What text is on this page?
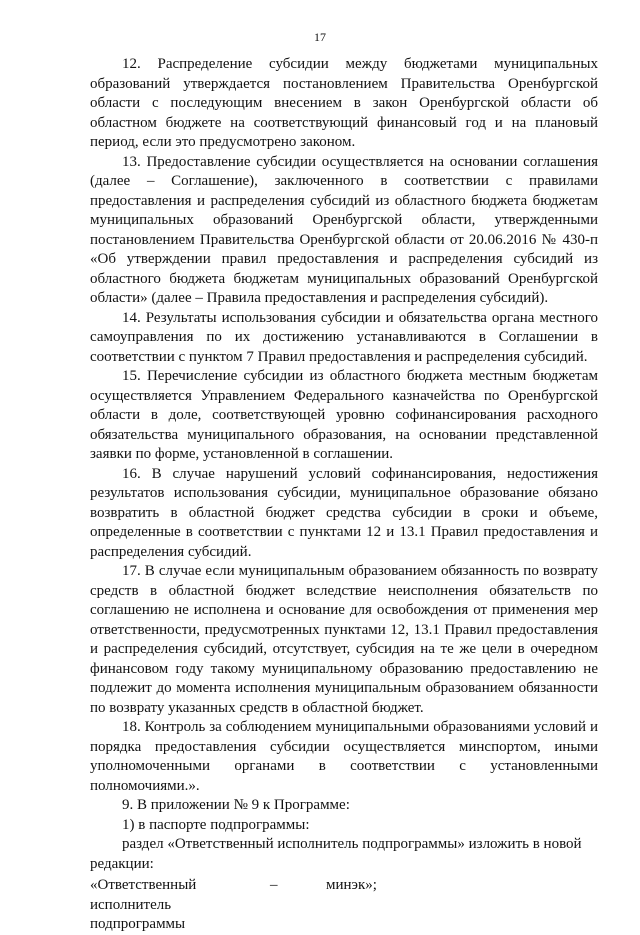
17

12. Распределение субсидии между бюджетами муниципальных образований утверждается постановлением Правительства Оренбургской области с последующим внесением в закон Оренбургской области об областном бюджете на соответствующий финансовый год и на плановый период, если это предусмотрено законом.

13. Предоставление субсидии осуществляется на основании соглашения (далее – Соглашение), заключенного в соответствии с правилами предоставления и распределения субсидий из областного бюджета бюджетам муниципальных образований Оренбургской области, утвержденными постановлением Правительства Оренбургской области от 20.06.2016 № 430-п «Об утверждении правил предоставления и распределения субсидий из областного бюджета бюджетам муниципальных образований Оренбургской области» (далее – Правила предоставления и распределения субсидий).

14. Результаты использования субсидии и обязательства органа местного самоуправления по их достижению устанавливаются в Соглашении в соответствии с пунктом 7 Правил предоставления и распределения субсидий.

15. Перечисление субсидии из областного бюджета местным бюджетам осуществляется Управлением Федерального казначейства по Оренбургской области в доле, соответствующей уровню софинансирования расходного обязательства муниципального образования, на основании представленной заявки по форме, установленной в соглашении.

16. В случае нарушений условий софинансирования, недостижения результатов использования субсидии, муниципальное образование обязано возвратить в областной бюджет средства субсидии в сроки и объеме, определенные в соответствии с пунктами 12 и 13.1 Правил предоставления и распределения субсидий.

17. В случае если муниципальным образованием обязанность по возврату средств в областной бюджет вследствие неисполнения обязательств по соглашению не исполнена и основание для освобождения от применения мер ответственности, предусмотренных пунктами 12, 13.1 Правил предоставления и распределения субсидий, отсутствует, субсидия на те же цели в очередном финансовом году такому муниципальному образованию предоставлению не подлежит до момента исполнения муниципальным образованием обязанности по возврату указанных средств в областной бюджет.

18. Контроль за соблюдением муниципальными образованиями условий и порядка предоставления субсидии осуществляется минспортом, иными уполномоченными органами в соответствии с установленными полномочиями.».

9. В приложении № 9 к Программе:

1) в паспорте подпрограммы:

раздел «Ответственный исполнитель подпрограммы» изложить в новой

редакции:

«Ответственный исполнитель подпрограммы
–	минэк»;
